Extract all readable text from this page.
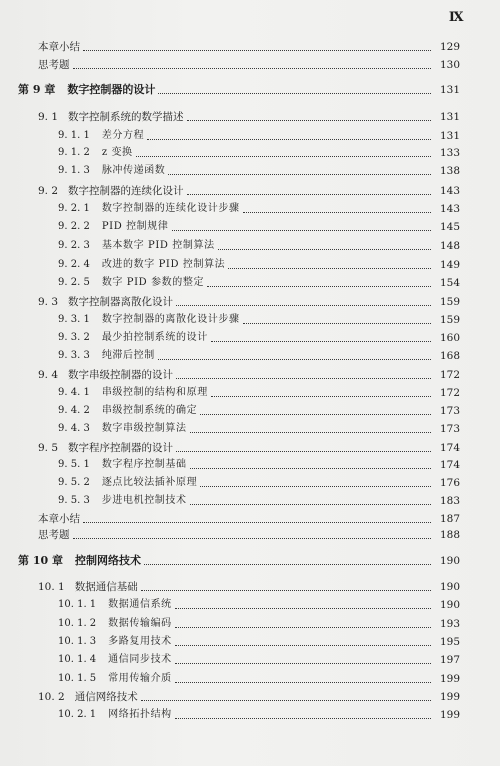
Ⅸ
本章小结	129
思考题	130
第 9 章 数字控制器的设计	131
9. 1 数字控制系统的数学描述	131
9. 1. 1 差分方程	131
9. 1. 2 z 变换	133
9. 1. 3 脉冲传递函数	138
9. 2 数字控制器的连续化设计	143
9. 2. 1 数字控制器的连续化设计步骤	143
9. 2. 2 PID 控制规律	145
9. 2. 3 基本数字 PID 控制算法	148
9. 2. 4 改进的数字 PID 控制算法	149
9. 2. 5 数字 PID 参数的整定	154
9. 3 数字控制器离散化设计	159
9. 3. 1 数字控制器的离散化设计步骤	159
9. 3. 2 最少拍控制系统的设计	160
9. 3. 3 纯滞后控制	168
9. 4 数字串级控制器的设计	172
9. 4. 1 串级控制的结构和原理	172
9. 4. 2 串级控制系统的确定	173
9. 4. 3 数字串级控制算法	173
9. 5 数字程序控制器的设计	174
9. 5. 1 数字程序控制基础	174
9. 5. 2 逐点比较法插补原理	176
9. 5. 3 步进电机控制技术	183
本章小结	187
思考题	188
第 10 章 控制网络技术	190
10. 1 数据通信基础	190
10. 1. 1 数据通信系统	190
10. 1. 2 数据传输编码	193
10. 1. 3 多路复用技术	195
10. 1. 4 通信同步技术	197
10. 1. 5 常用传输介质	199
10. 2 通信网络技术	199
10. 2. 1 网络拓扑结构	199
